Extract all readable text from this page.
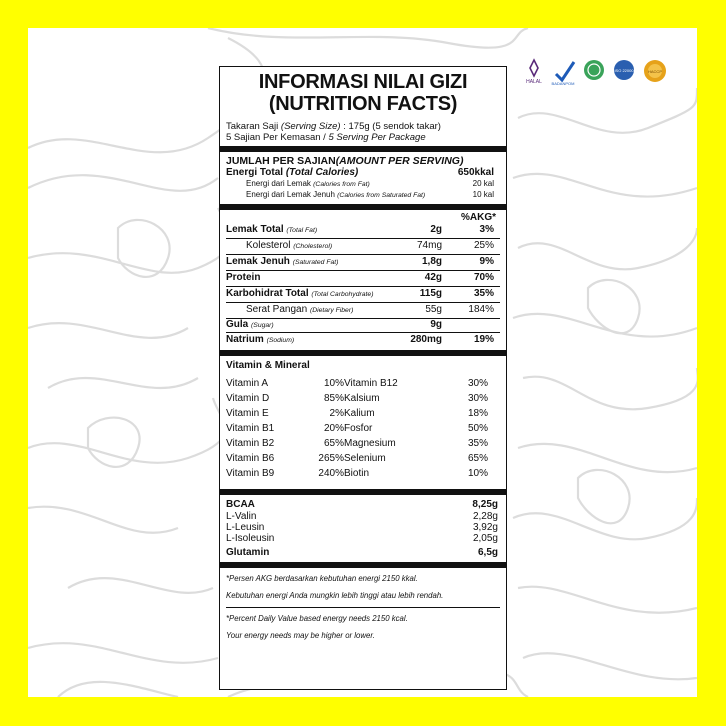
HALAL BADANPOM
ISO 22000	HACCP
INFORMASI NILAI GIZI
(NUTRITION FACTS)
Takaran Saji (Serving Size) : 175g (5 sendok takar)
5 Sajian Per Kemasan / 5 Serving Per Package
JUMLAH PER SAJIAN (AMOUNT PER SERVING)
Energi Total (Total Calories)	650kkal
Energi dari Lemak (Calories from Fat)	20 kal
Energi dari Lemak Jenuh (Calories from Saturated Fat)	10 kal
%AKG*
Lemak Total (Total Fat)	2g	3%
Kolesterol (Cholesterol)	74mg	25%
Lemak Jenuh (Saturated Fat)	1,8g	9%
Protein	42g	70%
Karbohidrat Total (Total Carbohydrate)	115g	35%
Serat Pangan (Dietary Fiber)	55g	184%
Gula (Sugar)	9g
Natrium (Sodium)	280mg	19%
Vitamin & Mineral
Vitamin A	10% Vitamin B12	30%
Vitamin D	85% Kalsium	30%
Vitamin E	2% Kalium	18%
Vitamin B1	20% Fosfor	50%
Vitamin B2	65% Magnesium	35%
Vitamin B6	265% Selenium	65%
Vitamin B9	240% Biotin	10%
BCAA	8,25g
L-Valin	2,28g
L-Leusin	3,92g
L-Isoleusin	2,05g
Glutamin	6,5g
*Persen AKG berdasarkan kebutuhan energi 2150 kkal.
Kebutuhan energi Anda mungkin lebih tinggi atau lebih rendah.
*Percent Daily Value based energy needs 2150 kcal.
Your energy needs may be higher or lower.
